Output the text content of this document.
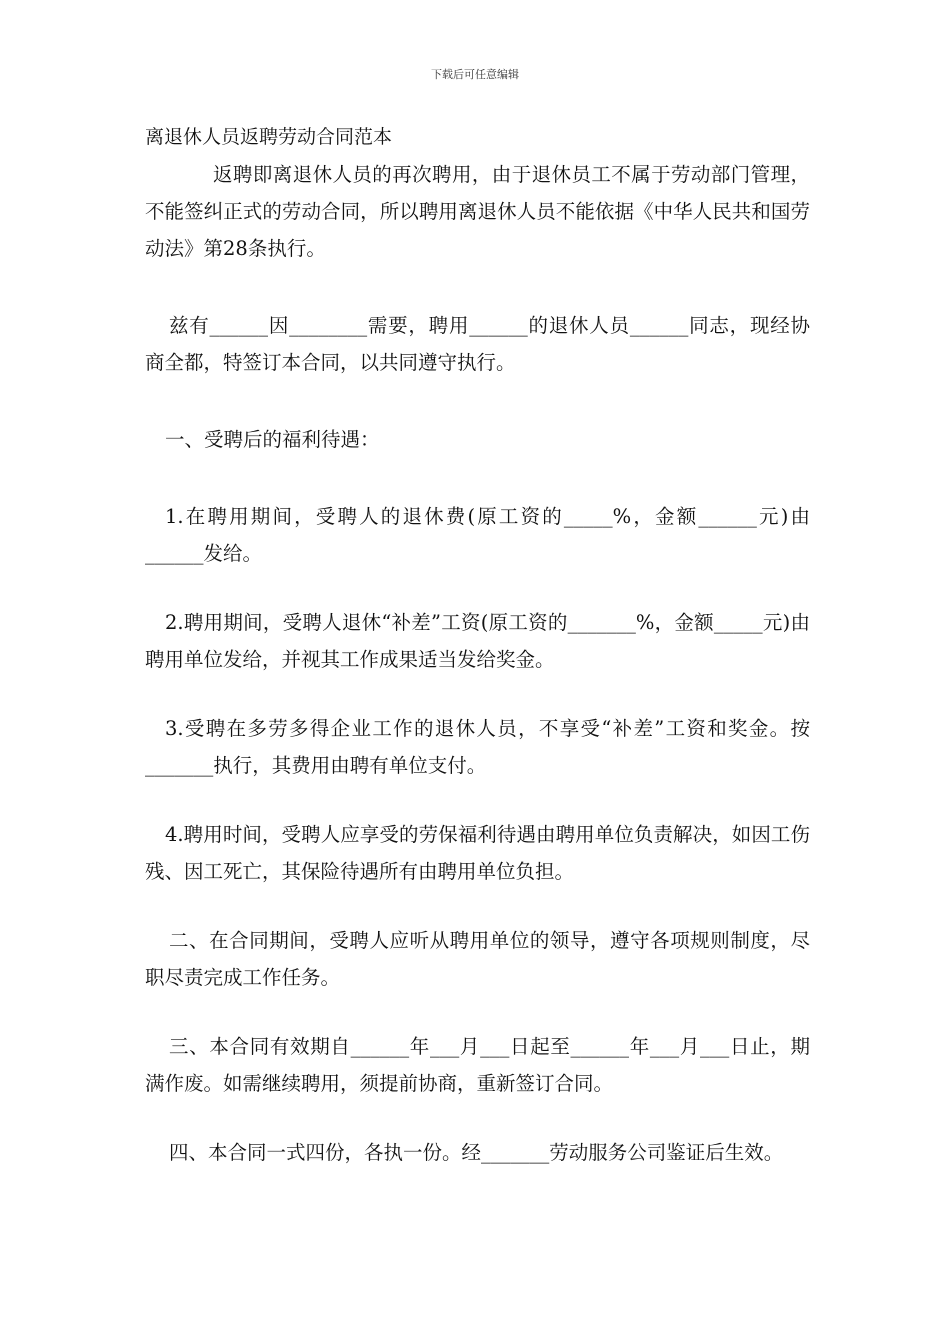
下载后可任意编辑

离退休人员返聘劳动合同范本

返聘即离退休人员的再次聘用，由于退休员工不属于劳动部门管理，不能签纠正式的劳动合同，所以聘用离退休人员不能依据《中华人民共和国劳动法》第28条执行。

兹有______因________需要，聘用______的退休人员______同志，现经协商全都，特签订本合同，以共同遵守执行。

一、受聘后的福利待遇：

1.在聘用期间，受聘人的退休费(原工资的_____%，金额______元)由______发给。

2.聘用期间，受聘人退休“补差”工资(原工资的_______%，金额_____元)由聘用单位发给，并视其工作成果适当发给奖金。

3.受聘在多劳多得企业工作的退休人员，不享受“补差”工资和奖金。按_______执行，其费用由聘有单位支付。

4.聘用时间，受聘人应享受的劳保福利待遇由聘用单位负责解决，如因工伤残、因工死亡，其保险待遇所有由聘用单位负担。

二、在合同期间，受聘人应听从聘用单位的领导，遵守各项规则制度，尽职尽责完成工作任务。

三、本合同有效期自______年___月___日起至______年___月___日止，期满作废。如需继续聘用，须提前协商，重新签订合同。

四、本合同一式四份，各执一份。经_______劳动服务公司鉴证后生效。
